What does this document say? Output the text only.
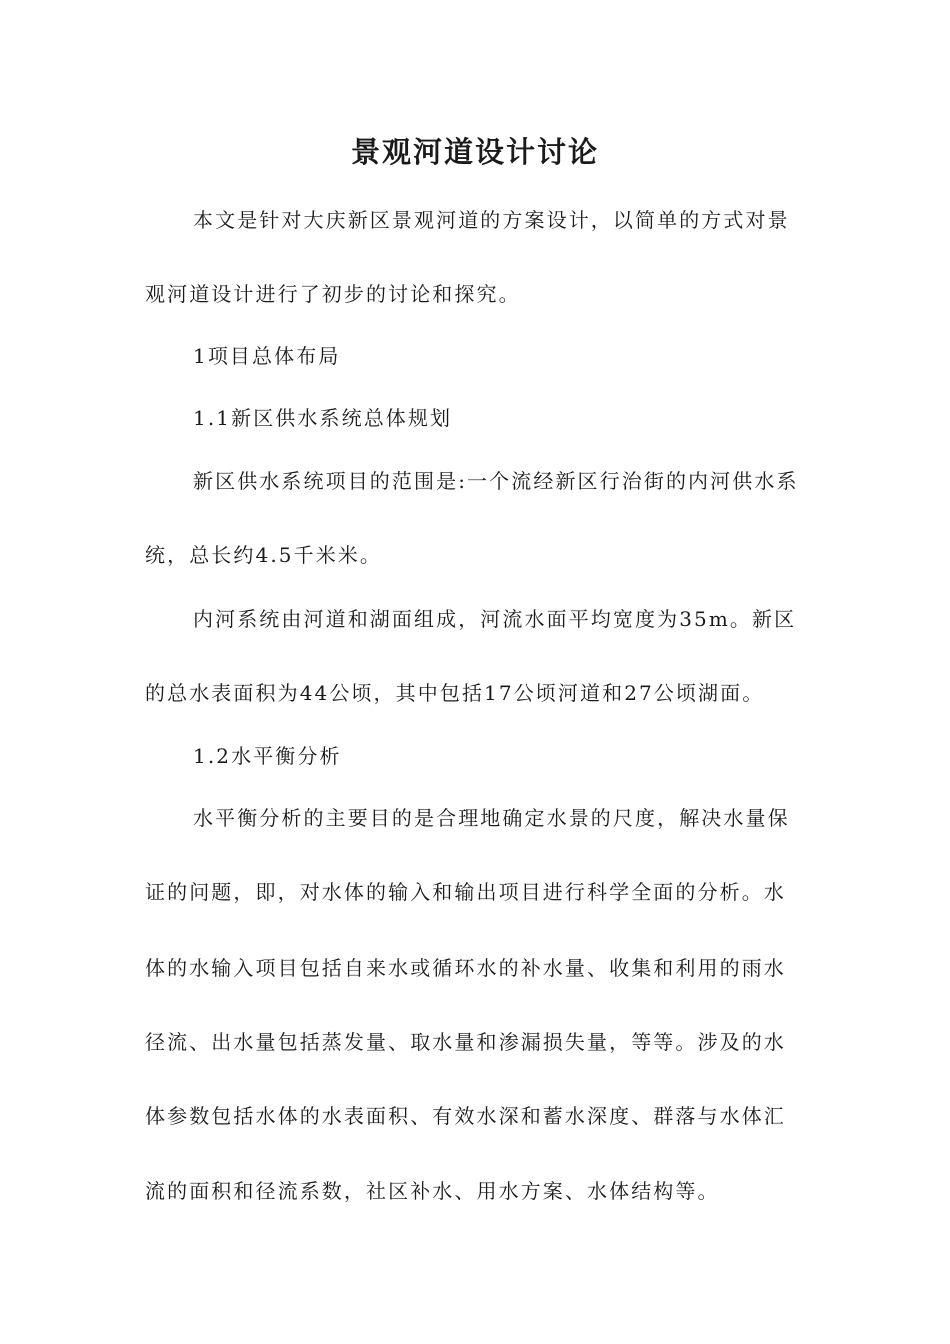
景观河道设计讨论
本文是针对大庆新区景观河道的方案设计，以简单的方式对景
观河道设计进行了初步的讨论和探究。
1项目总体布局
1.1新区供水系统总体规划
新区供水系统项目的范围是:一个流经新区行治街的内河供水系
统，总长约4.5千米米。
内河系统由河道和湖面组成，河流水面平均宽度为35m。新区
的总水表面积为44公顷，其中包括17公顷河道和27公顷湖面。
1.2水平衡分析
水平衡分析的主要目的是合理地确定水景的尺度，解决水量保
证的问题，即，对水体的输入和输出项目进行科学全面的分析。水
体的水输入项目包括自来水或循环水的补水量、收集和利用的雨水
径流、出水量包括蒸发量、取水量和渗漏损失量，等等。涉及的水
体参数包括水体的水表面积、有效水深和蓄水深度、群落与水体汇
流的面积和径流系数，社区补水、用水方案、水体结构等。
